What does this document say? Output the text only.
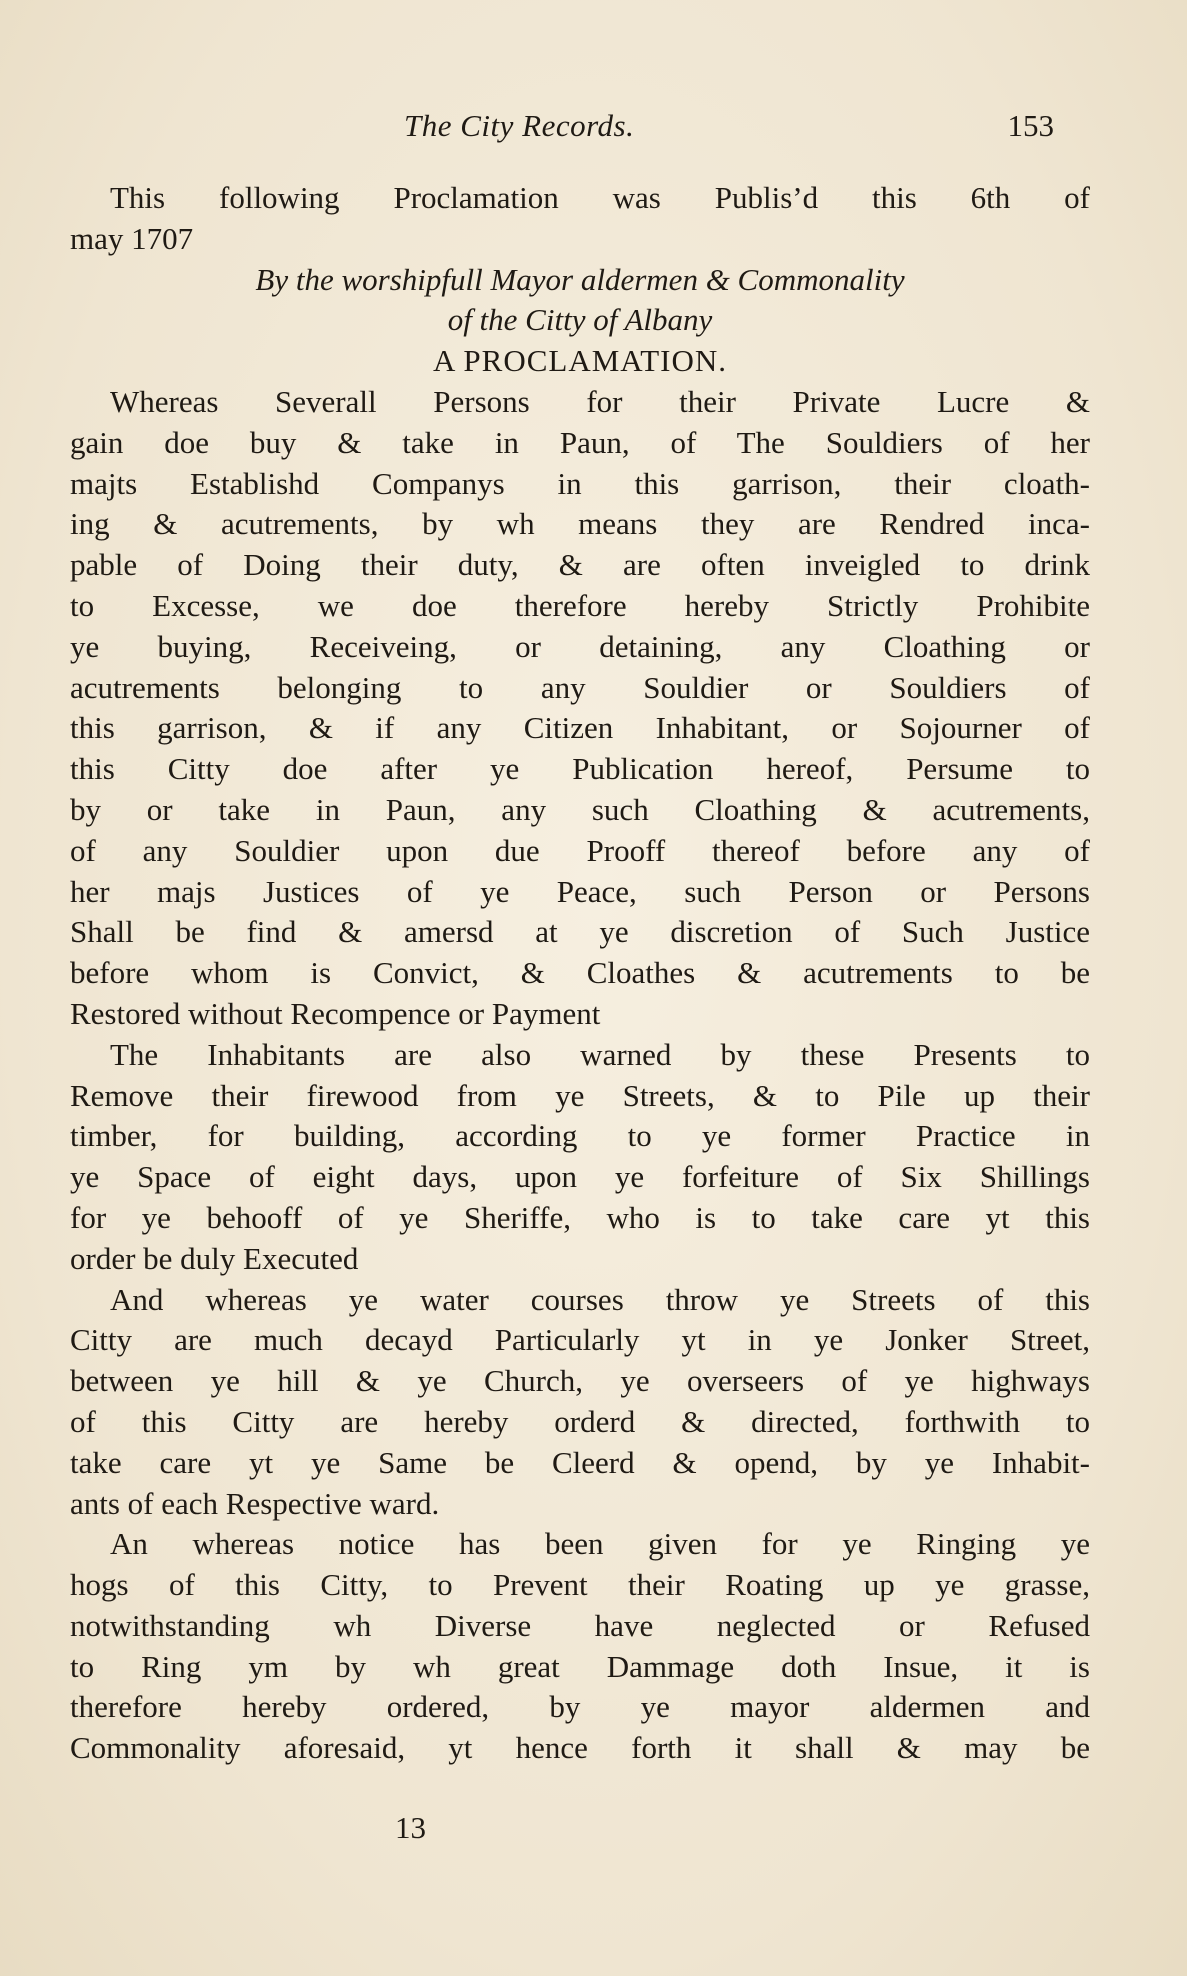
The City Records.	153
This following Proclamation was Publis’d this 6th of
may 1707
By the worshipfull Mayor aldermen & Commonality
of the Citty of Albany
A PROCLAMATION.
Whereas Severall Persons for their Private Lucre &
gain doe buy & take in Paun, of The Souldiers of her
majts Establishd Companys in this garrison, their cloath-
ing & acutrements, by wh means they are Rendred inca-
pable of Doing their duty, & are often inveigled to drink
to Excesse, we doe therefore hereby Strictly Prohibite
ye buying, Receiveing, or detaining, any Cloathing or
acutrements belonging to any Souldier or Souldiers of
this garrison, & if any Citizen Inhabitant, or Sojourner of
this Citty doe after ye Publication hereof, Persume to
by or take in Paun, any such Cloathing & acutrements,
of any Souldier upon due Prooff thereof before any of
her majs Justices of ye Peace, such Person or Persons
Shall be find & amersd at ye discretion of Such Justice
before whom is Convict, & Cloathes & acutrements to be
Restored without Recompence or Payment
The Inhabitants are also warned by these Presents to
Remove their firewood from ye Streets, & to Pile up their
timber, for building, according to ye former Practice in
ye Space of eight days, upon ye forfeiture of Six Shillings
for ye behooff of ye Sheriffe, who is to take care yt this
order be duly Executed
And whereas ye water courses throw ye Streets of this
Citty are much decayd Particularly yt in ye Jonker Street,
between ye hill & ye Church, ye overseers of ye highways
of this Citty are hereby orderd & directed, forthwith to
take care yt ye Same be Cleerd & opend, by ye Inhabit-
ants of each Respective ward.
An whereas notice has been given for ye Ringing ye
hogs of this Citty, to Prevent their Roating up ye grasse,
notwithstanding wh Diverse have neglected or Refused
to Ring ym by wh great Dammage doth Insue, it is
therefore hereby ordered, by ye mayor aldermen and
Commonality aforesaid, yt hence forth it shall & may be
13
